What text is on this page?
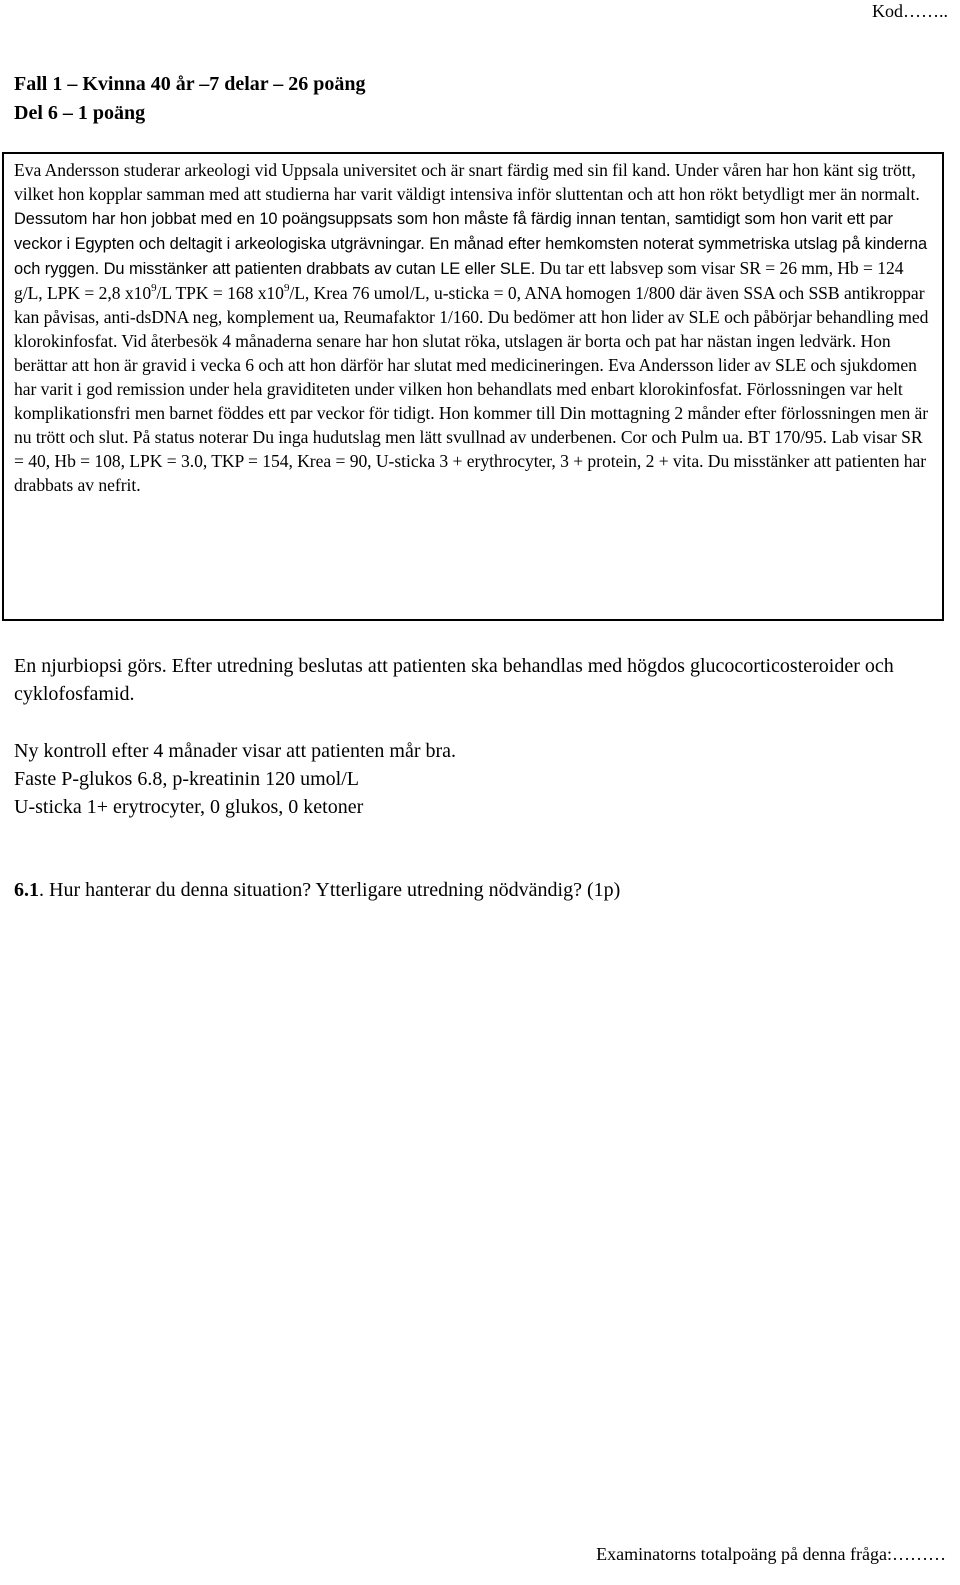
Kod……..
Fall 1 – Kvinna 40 år –7 delar – 26 poäng
Del 6 – 1 poäng
Eva Andersson studerar arkeologi vid Uppsala universitet och är snart färdig med sin fil kand. Under våren har hon känt sig trött, vilket hon kopplar samman med att studierna har varit väldigt intensiva inför sluttentan och att hon rökt betydligt mer än normalt. Dessutom har hon jobbat med en 10 poängsuppsats som hon måste få färdig innan tentan, samtidigt som hon varit ett par veckor i Egypten och deltagit i arkeologiska utgrävningar. En månad efter hemkomsten noterat symmetriska utslag på kinderna och ryggen. Du misstänker att patienten drabbats av cutan LE eller SLE. Du tar ett labsvep som visar SR = 26 mm, Hb = 124 g/L, LPK = 2,8 $x10^9/L$ TPK = 168 $x10^9/L$, Krea 76 umol/L, u-sticka = 0, ANA homogen 1/800 där även SSA och SSB antikroppar kan påvisas, anti-dsDNA neg, komplement ua, Reumafaktor 1/160. Du bedömer att hon lider av SLE och påbörjar behandling med klorokinfosfat. Vid återbesök 4 månaderna senare har hon slutat röka, utslagen är borta och pat har nästan ingen ledvärk. Hon berättar att hon är gravid i vecka 6 och att hon därför har slutat med medicineringen. Eva Andersson lider av SLE och sjukdomen har varit i god remission under hela graviditeten under vilken hon behandlats med enbart klorokinfosfat. Förlossningen var helt komplikationsfri men barnet föddes ett par veckor för tidigt. Hon kommer till Din mottagning 2 månder efter förlossningen men är nu trött och slut. På status noterar Du inga hudutslag men lätt svullnad av underbenen. Cor och Pulm ua. BT 170/95. Lab visar SR = 40, Hb = 108, LPK = 3.0, TKP = 154, Krea = 90, U-sticka 3 + erythrocyter, 3 + protein, 2 + vita. Du misstänker att patienten har drabbats av nefrit.

En njurbiopsi görs. Efter utredning beslutas att patienten ska behandlas med högdos glucocorticosteroider och cyklofosfamid.

Ny kontroll efter 4 månader visar att patienten mår bra.

Faste P-glukos 6.8, p-kreatinin 120 umol/L

U-sticka 1+ erytrocyter, 0 glukos, 0 ketoner

6.1. Hur hanterar du denna situation? Ytterligare utredning nödvändig? (1p)

Examinatorns totalpoäng på denna fråga:………
